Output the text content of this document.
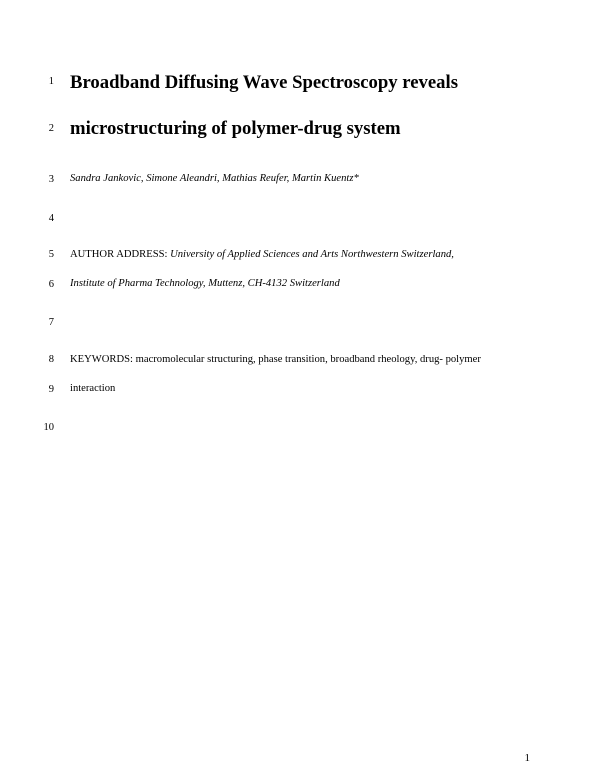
1
2
3
4
5
6
7
8
9
10
Broadband Diffusing Wave Spectroscopy reveals
microstructuring of polymer-drug system
Sandra Jankovic, Simone Aleandri, Mathias Reufer, Martin Kuentz*
AUTHOR ADDRESS: University of Applied Sciences and Arts Northwestern Switzerland,
Institute of Pharma Technology, Muttenz, CH-4132 Switzerland
KEYWORDS: macromolecular structuring, phase transition, broadband rheology, drug- polymer
interaction
1
